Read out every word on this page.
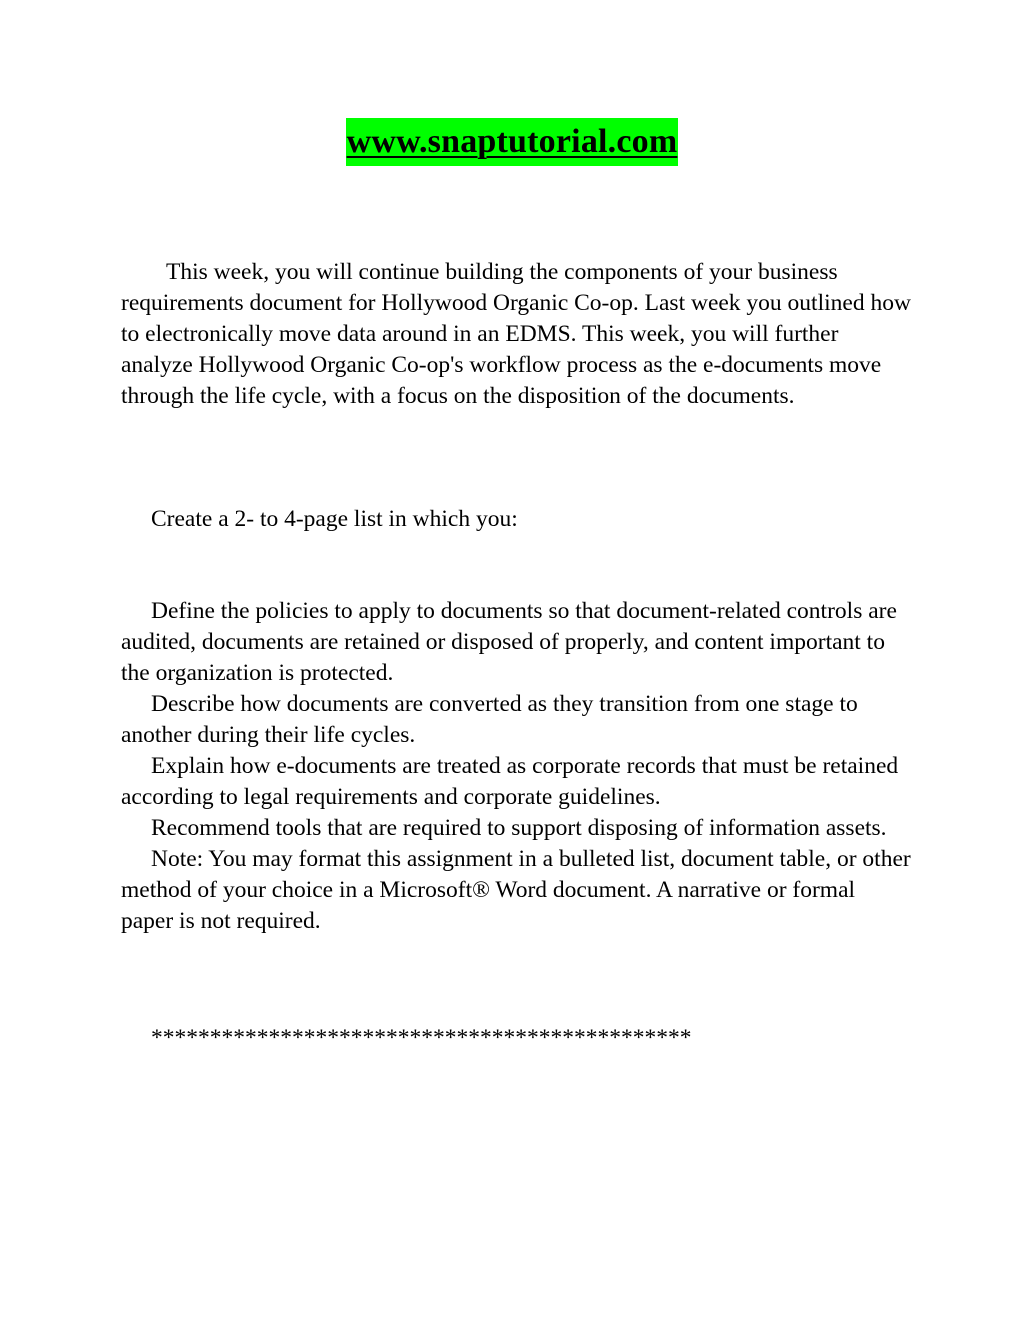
www.snaptutorial.com

This week, you will continue building the components of your business requirements document for Hollywood Organic Co-op. Last week you outlined how to electronically move data around in an EDMS. This week, you will further analyze Hollywood Organic Co-op's workflow process as the e-documents move through the life cycle, with a focus on the disposition of the documents.

Create a 2- to 4-page list in which you:

Define the policies to apply to documents so that document-related controls are audited, documents are retained or disposed of properly, and content important to the organization is protected.

Describe how documents are converted as they transition from one stage to another during their life cycles.

Explain how e-documents are treated as corporate records that must be retained according to legal requirements and corporate guidelines.

Recommend tools that are required to support disposing of information assets.

Note: You may format this assignment in a bulleted list, document table, or other method of your choice in a Microsoft® Word document. A narrative or formal paper is not required.

**********************************************
